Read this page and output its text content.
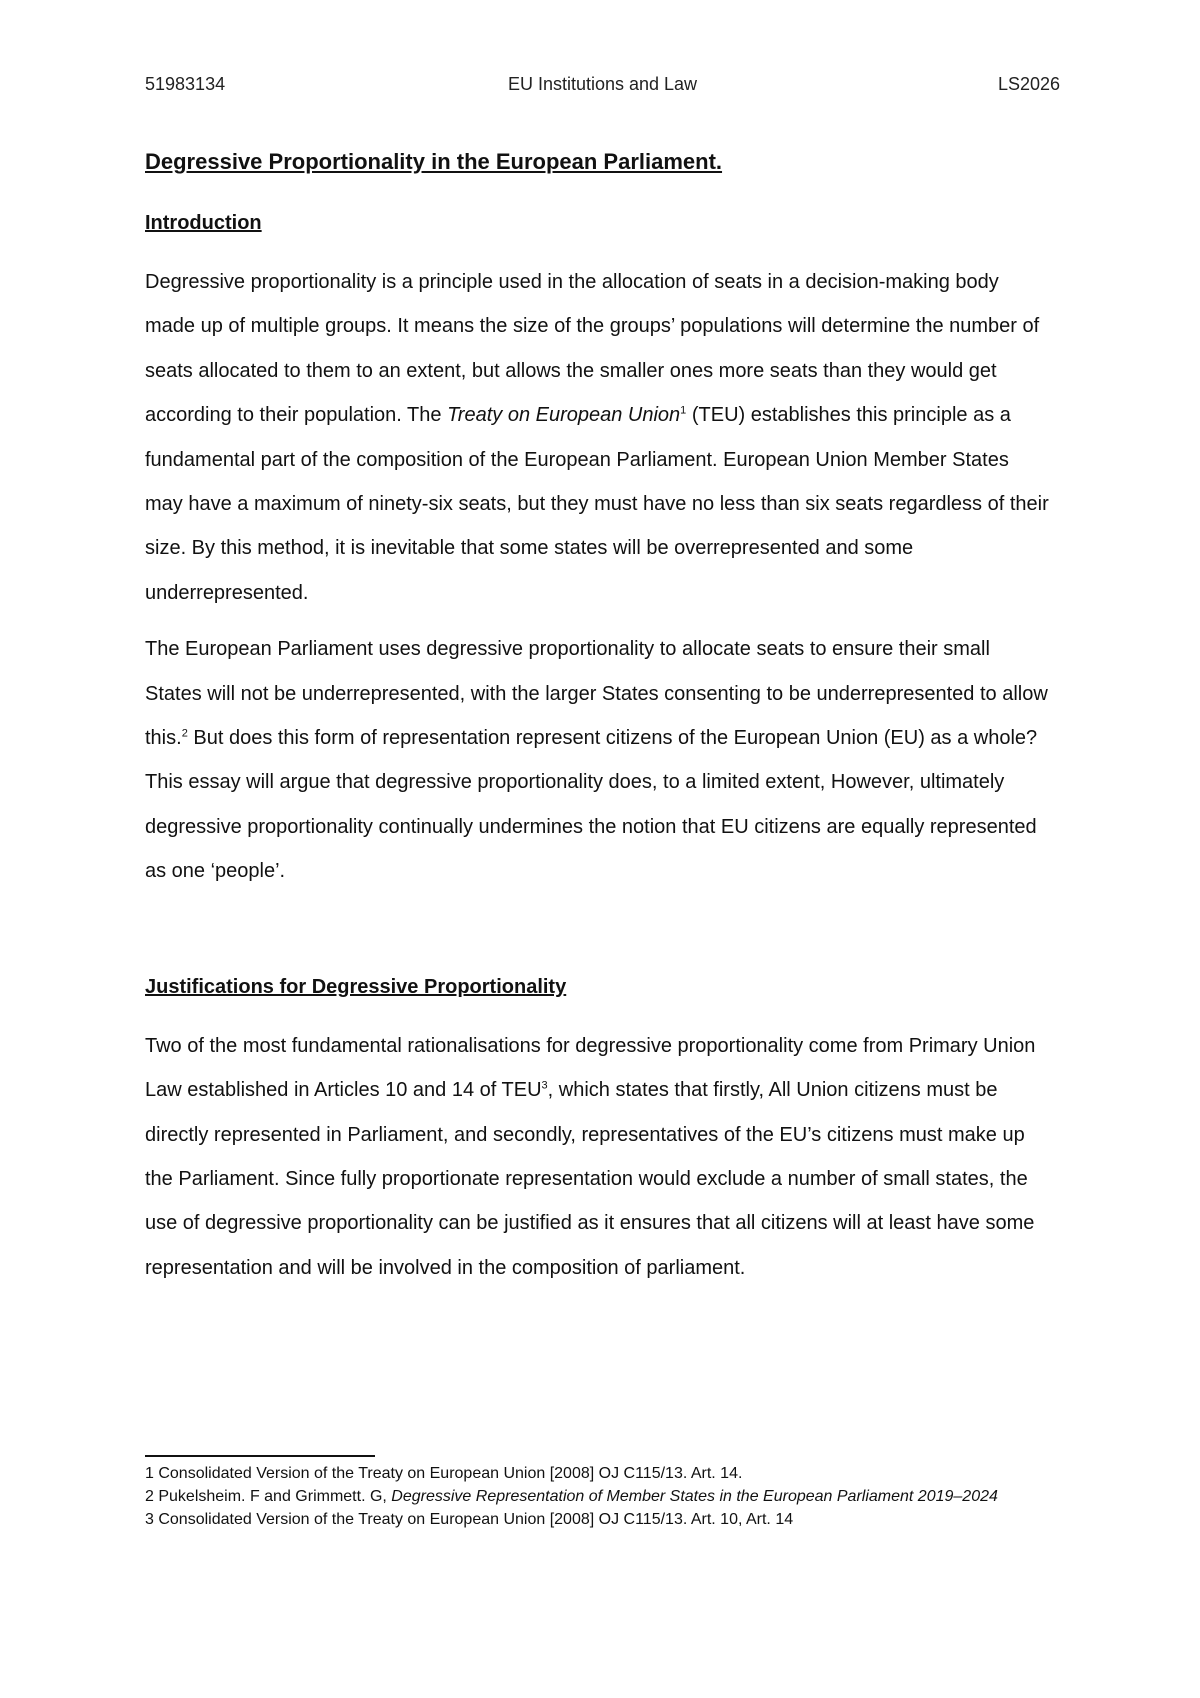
51983134	EU Institutions and Law	LS2026
Degressive Proportionality in the European Parliament.
Introduction

Degressive proportionality is a principle used in the allocation of seats in a decision-making body made up of multiple groups. It means the size of the groups’ populations will determine the number of seats allocated to them to an extent, but allows the smaller ones more seats than they would get according to their population. The Treaty on European Union$^1$ (TEU) establishes this principle as a fundamental part of the composition of the European Parliament. European Union Member States may have a maximum of ninety-six seats, but they must have no less than six seats regardless of their size. By this method, it is inevitable that some states will be overrepresented and some underrepresented.

The European Parliament uses degressive proportionality to allocate seats to ensure their small States will not be underrepresented, with the larger States consenting to be underrepresented to allow this.$^2$ But does this form of representation represent citizens of the European Union (EU) as a whole? This essay will argue that degressive proportionality does, to a limited extent, However, ultimately degressive proportionality continually undermines the notion that EU citizens are equally represented as one ‘people’.

Justifications for Degressive Proportionality

Two of the most fundamental rationalisations for degressive proportionality come from Primary Union Law established in Articles 10 and 14 of TEU$^3$, which states that firstly, All Union citizens must be directly represented in Parliament, and secondly, representatives of the EU’s citizens must make up the Parliament. Since fully proportionate representation would exclude a number of small states, the use of degressive proportionality can be justified as it ensures that all citizens will at least have some representation and will be involved in the composition of parliament.

1 Consolidated Version of the Treaty on European Union [2008] OJ C115/13. Art. 14.
2 Pukelsheim. F and Grimmett. G, Degressive Representation of Member States in the European Parliament 2019–2024
3 Consolidated Version of the Treaty on European Union [2008] OJ C115/13. Art. 10, Art. 14
